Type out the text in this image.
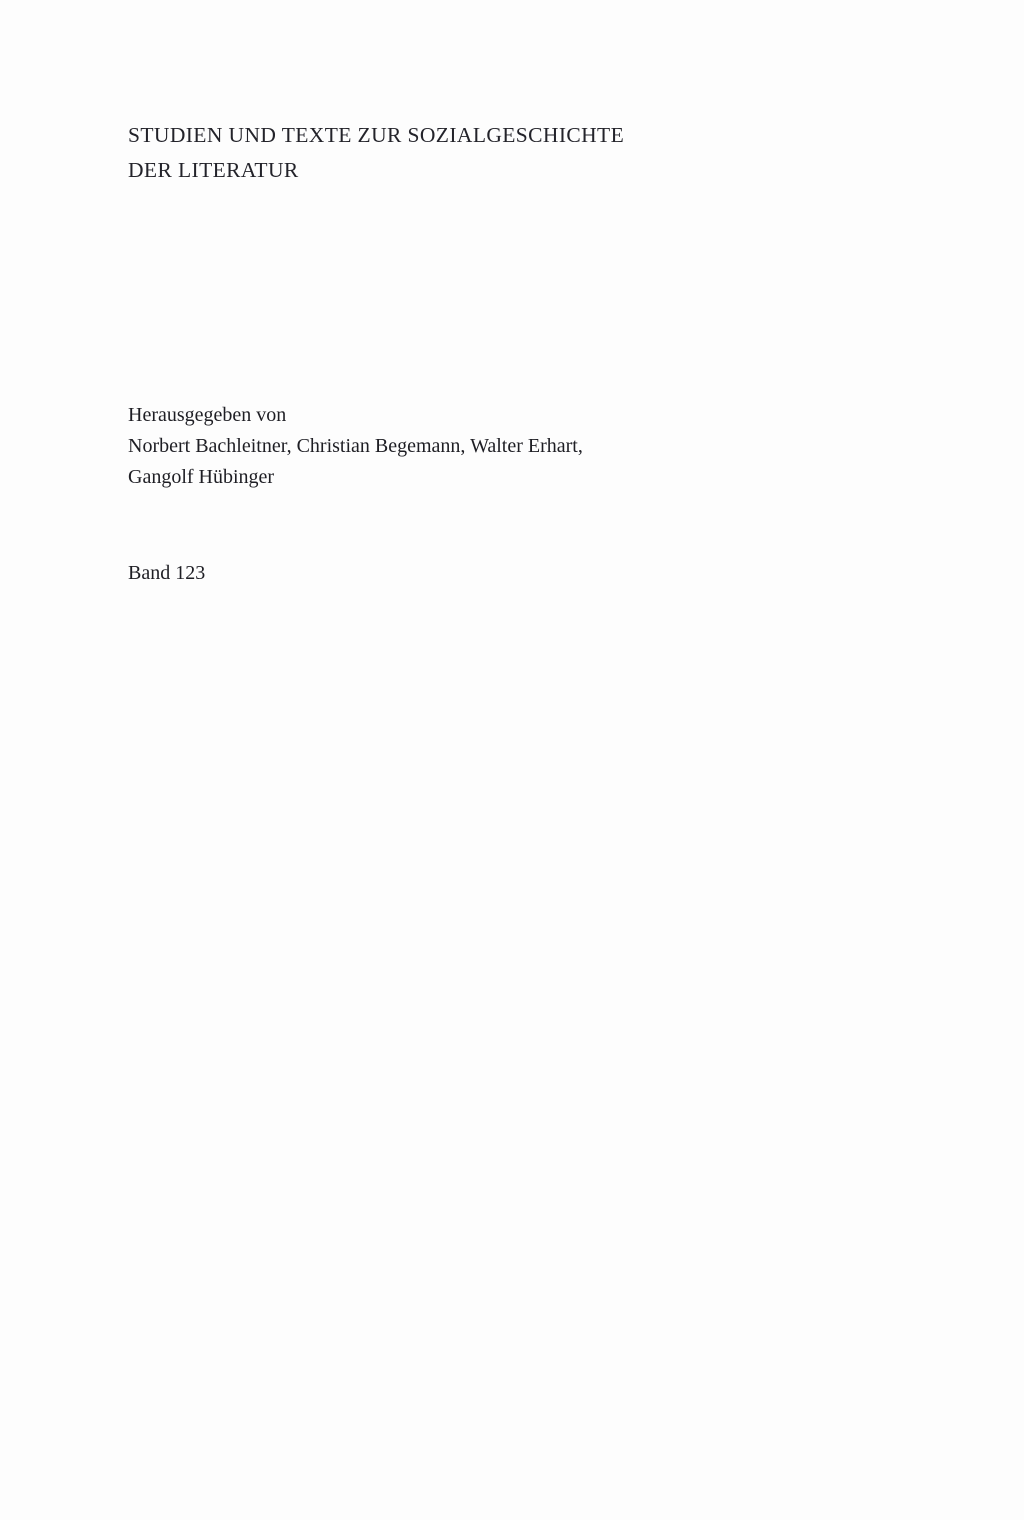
STUDIEN UND TEXTE ZUR SOZIALGESCHICHTE
DER LITERATUR
Herausgegeben von
Norbert Bachleitner, Christian Begemann, Walter Erhart,
Gangolf Hübinger
Band 123
